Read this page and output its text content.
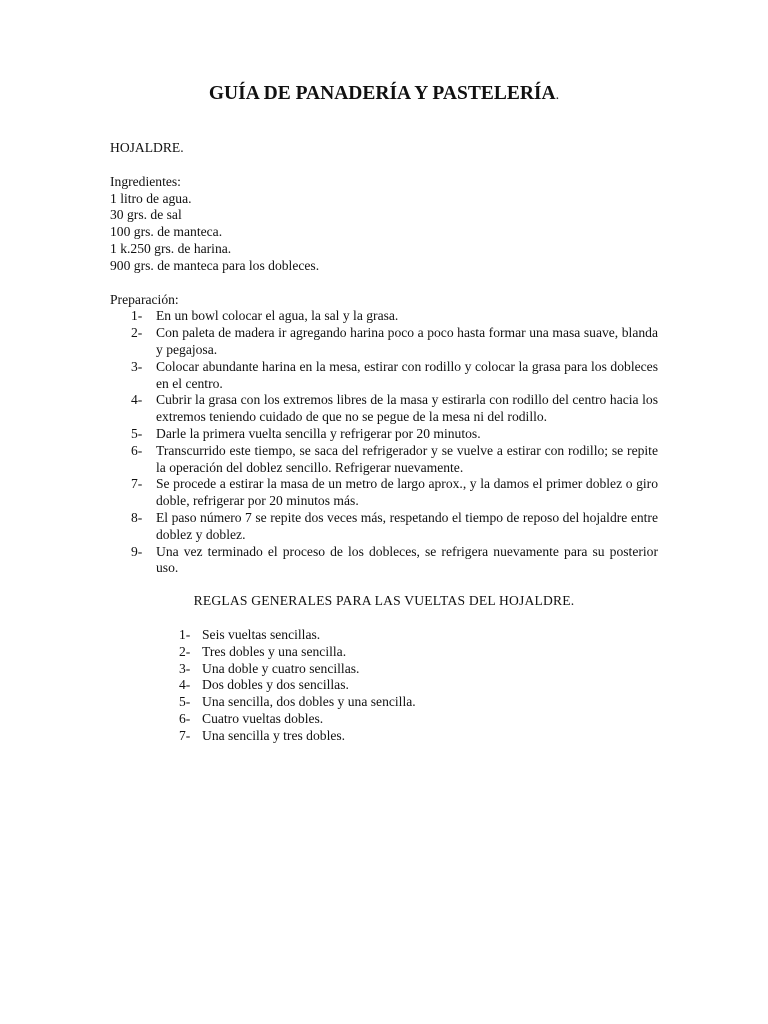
GUÍA DE PANADERÍA Y PASTELERÍA.
HOJALDRE.
Ingredientes:
1 litro de agua.
30 grs. de sal
100 grs. de manteca.
1 k.250 grs. de harina.
900 grs. de manteca para los dobleces.
Preparación:
1- En un bowl colocar el agua, la sal y la grasa.
2- Con paleta de madera ir agregando harina poco a poco hasta formar una masa suave, blanda y pegajosa.
3- Colocar abundante harina en la mesa, estirar con rodillo y colocar la grasa para los dobleces en el centro.
4- Cubrir la grasa con los extremos libres de la masa y estirarla con rodillo del centro hacia los extremos teniendo cuidado de que no se pegue de la mesa ni del rodillo.
5- Darle la primera vuelta sencilla y refrigerar por 20 minutos.
6- Transcurrido este tiempo, se saca del refrigerador y se vuelve a estirar con rodillo; se repite la operación del doblez sencillo. Refrigerar nuevamente.
7- Se procede a estirar la masa de un metro de largo aprox., y la damos el primer doblez o giro doble, refrigerar por 20 minutos más.
8- El paso número 7 se repite dos veces más, respetando el tiempo de reposo del hojaldre entre doblez y doblez.
9- Una vez terminado el proceso de los dobleces, se refrigera nuevamente para su posterior uso.
REGLAS GENERALES PARA LAS VUELTAS DEL HOJALDRE.
1- Seis vueltas sencillas.
2- Tres dobles y una sencilla.
3- Una doble y cuatro sencillas.
4- Dos dobles y dos sencillas.
5- Una sencilla, dos dobles y una sencilla.
6- Cuatro vueltas dobles.
7- Una sencilla y tres dobles.
